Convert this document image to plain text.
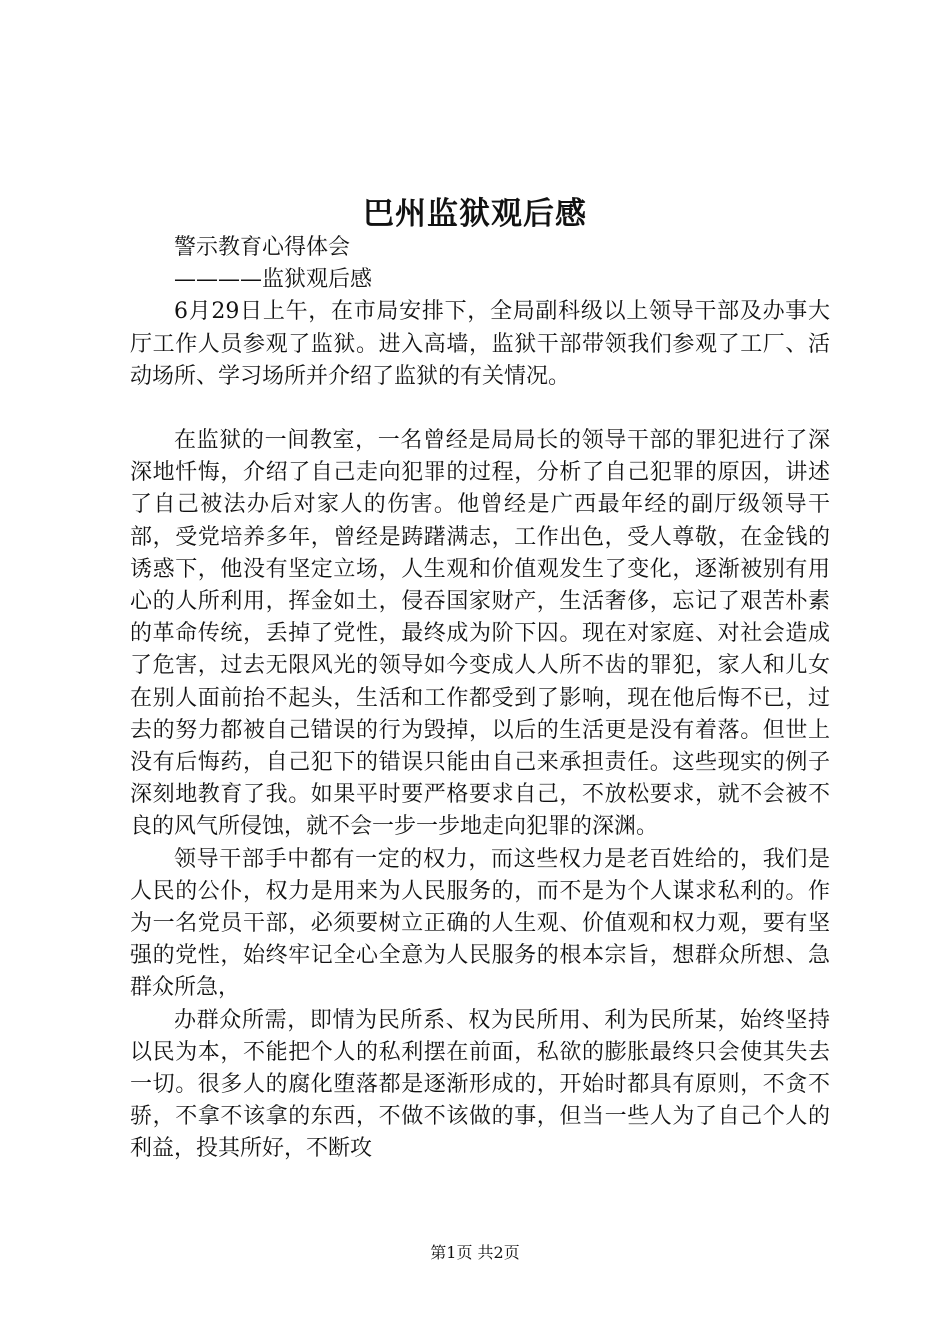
巴州监狱观后感

警示教育心得体会

————监狱观后感

6月29日上午，在市局安排下，全局副科级以上领导干部及办事大厅工作人员参观了监狱。进入高墙，监狱干部带领我们参观了工厂、活动场所、学习场所并介绍了监狱的有关情况。

在监狱的一间教室，一名曾经是局局长的领导干部的罪犯进行了深深地忏悔，介绍了自己走向犯罪的过程，分析了自己犯罪的原因，讲述了自己被法办后对家人的伤害。他曾经是广西最年经的副厅级领导干部，受党培养多年，曾经是踌躇满志，工作出色，受人尊敬，在金钱的诱惑下，他没有坚定立场，人生观和价值观发生了变化，逐渐被别有用心的人所利用，挥金如土，侵吞国家财产，生活奢侈，忘记了艰苦朴素的革命传统，丢掉了党性，最终成为阶下囚。现在对家庭、对社会造成了危害，过去无限风光的领导如今变成人人所不齿的罪犯，家人和儿女在别人面前抬不起头，生活和工作都受到了影响，现在他后悔不已，过去的努力都被自己错误的行为毁掉，以后的生活更是没有着落。但世上没有后悔药，自己犯下的错误只能由自己来承担责任。这些现实的例子深刻地教育了我。如果平时要严格要求自己，不放松要求，就不会被不良的风气所侵蚀，就不会一步一步地走向犯罪的深渊。

领导干部手中都有一定的权力，而这些权力是老百姓给的，我们是人民的公仆，权力是用来为人民服务的，而不是为个人谋求私利的。作为一名党员干部，必须要树立正确的人生观、价值观和权力观，要有坚强的党性，始终牢记全心全意为人民服务的根本宗旨，想群众所想、急群众所急，

办群众所需，即情为民所系、权为民所用、利为民所某，始终坚持以民为本，不能把个人的私利摆在前面，私欲的膨胀最终只会使其失去一切。很多人的腐化堕落都是逐渐形成的，开始时都具有原则，不贪不骄，不拿不该拿的东西，不做不该做的事，但当一些人为了自己个人的利益，投其所好，不断攻

第1页 共2页
